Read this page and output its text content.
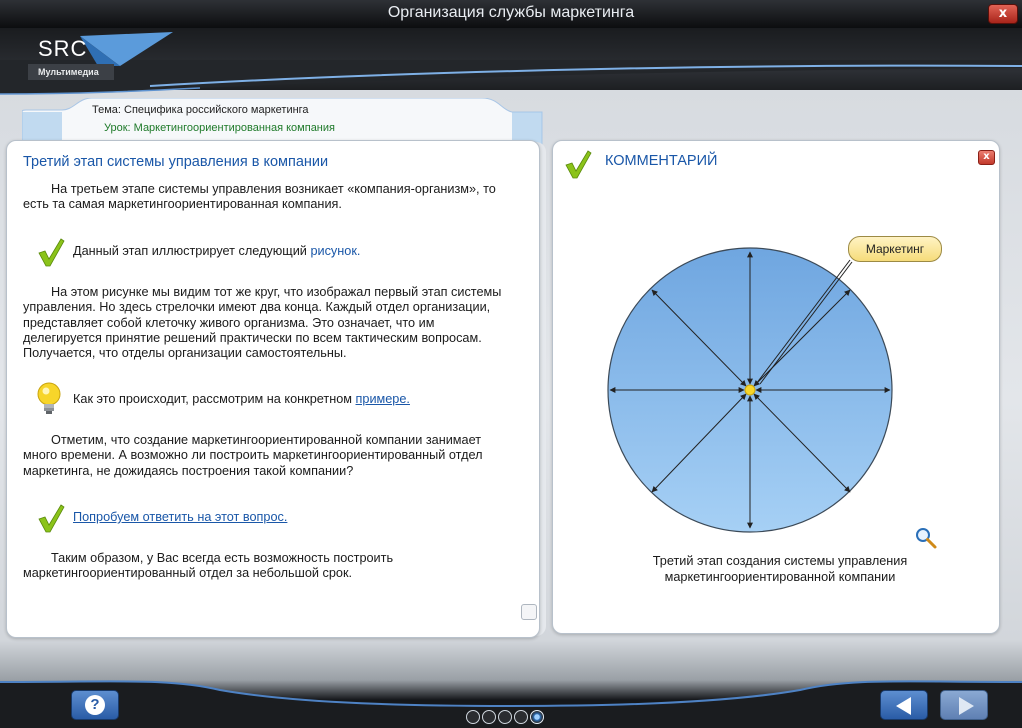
Организация службы маркетинга	x
SRC
Мультимедиа
Тема: Специфика российского маркетинга
Урок: Маркетингоориентированная компания
Третий этап системы управления в компании
На третьем этапе системы управления возникает «компания-организм», то есть та самая маркетингоориентированная компания.
Данный этап иллюстрирует следующий рисунок.
На этом рисунке мы видим тот же круг, что изображал первый этап системы управления. Но здесь стрелочки имеют два конца. Каждый отдел организации, представляет собой клеточку живого организма. Это означает, что им делегируется принятие решений практически по всем тактическим вопросам. Получается, что отделы организации самостоятельны.
Как это происходит, рассмотрим на конкретном примере.
Отметим, что создание маркетингоориентированной компании занимает много времени. А возможно ли построить маркетингоориентированный отдел маркетинга, не дожидаясь построения такой компании?
Попробуем ответить на этот вопрос.
Таким образом, у Вас всегда есть возможность построить маркетингоориентированный отдел за небольшой срок.
КОММЕНТАРИЙ	x
Маркетинг
Третий этап создания системы управления
маркетингоориентированной компании
?
